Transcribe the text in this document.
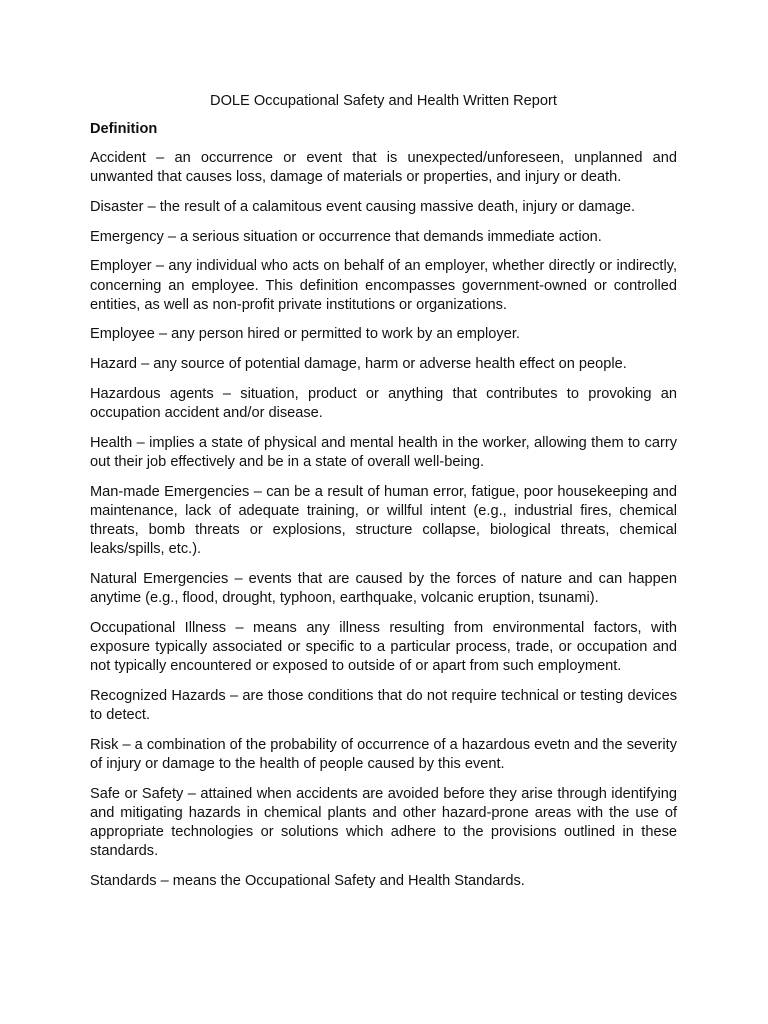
DOLE Occupational Safety and Health Written Report
Definition

Accident – an occurrence or event that is unexpected/unforeseen, unplanned and unwanted that causes loss, damage of materials or properties, and injury or death.

Disaster – the result of a calamitous event causing massive death, injury or damage.

Emergency – a serious situation or occurrence that demands immediate action.

Employer – any individual who acts on behalf of an employer, whether directly or indirectly, concerning an employee. This definition encompasses government-owned or controlled entities, as well as non-profit private institutions or organizations.

Employee – any person hired or permitted to work by an employer.

Hazard – any source of potential damage, harm or adverse health effect on people.

Hazardous agents – situation, product or anything that contributes to provoking an occupation accident and/or disease.

Health – implies a state of physical and mental health in the worker, allowing them to carry out their job effectively and be in a state of overall well-being.

Man-made Emergencies – can be a result of human error, fatigue, poor housekeeping and maintenance, lack of adequate training, or willful intent (e.g., industrial fires, chemical threats, bomb threats or explosions, structure collapse, biological threats, chemical leaks/spills, etc.).

Natural Emergencies – events that are caused by the forces of nature and can happen anytime (e.g., flood, drought, typhoon, earthquake, volcanic eruption, tsunami).

Occupational Illness – means any illness resulting from environmental factors, with exposure typically associated or specific to a particular process, trade, or occupation and not typically encountered or exposed to outside of or apart from such employment.

Recognized Hazards – are those conditions that do not require technical or testing devices to detect.

Risk – a combination of the probability of occurrence of a hazardous evetn and the severity of injury or damage to the health of people caused by this event.

Safe or Safety – attained when accidents are avoided before they arise through identifying and mitigating hazards in chemical plants and other hazard-prone areas with the use of appropriate technologies or solutions which adhere to the provisions outlined in these standards.

Standards – means the Occupational Safety and Health Standards.
